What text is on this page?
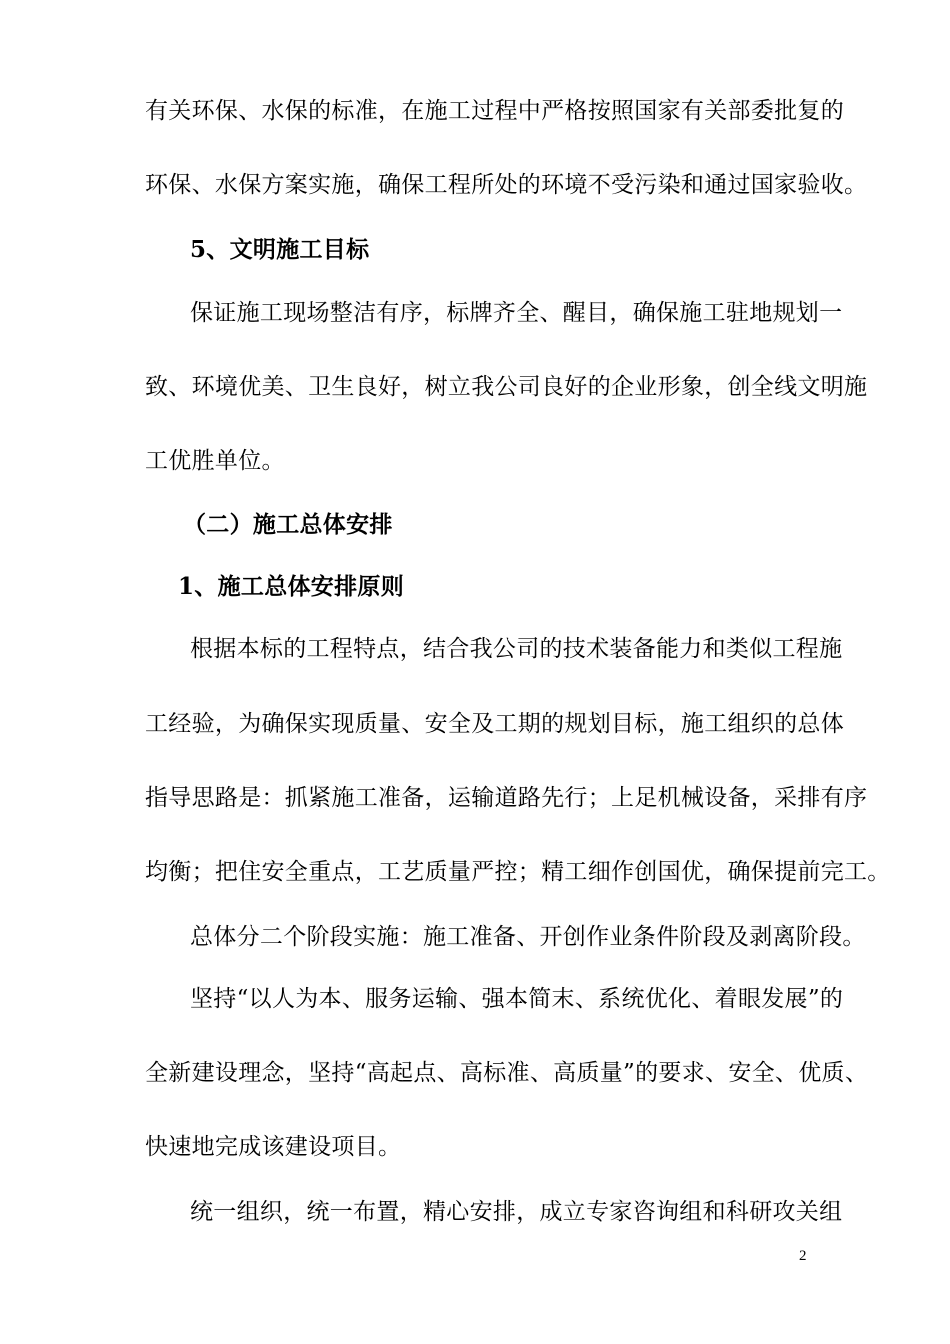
有关环保、水保的标准，在施工过程中严格按照国家有关部委批复的
环保、水保方案实施，确保工程所处的环境不受污染和通过国家验收。
5、文明施工目标
保证施工现场整洁有序，标牌齐全、醒目，确保施工驻地规划一
致、环境优美、卫生良好，树立我公司良好的企业形象，创全线文明施
工优胜单位。
（二）施工总体安排
1、施工总体安排原则
根据本标的工程特点，结合我公司的技术装备能力和类似工程施
工经验，为确保实现质量、安全及工期的规划目标，施工组织的总体
指导思路是：抓紧施工准备，运输道路先行；上足机械设备，采排有序
均衡；把住安全重点，工艺质量严控；精工细作创国优，确保提前完工。
总体分二个阶段实施：施工准备、开创作业条件阶段及剥离阶段。
坚持“以人为本、服务运输、强本简末、系统优化、着眼发展”的
全新建设理念，坚持“高起点、高标准、高质量”的要求、安全、优质、
快速地完成该建设项目。
统一组织，统一布置，精心安排，成立专家咨询组和科研攻关组
2
